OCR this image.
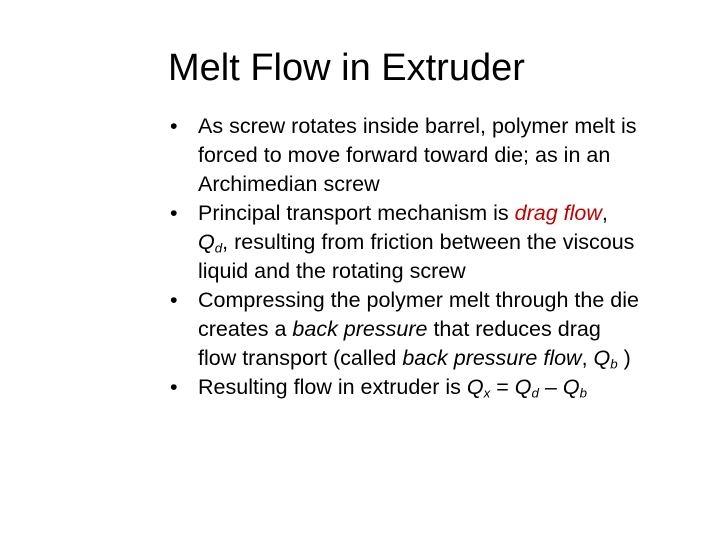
Melt Flow in Extruder
• As screw rotates inside barrel, polymer melt is forced to move forward toward die; as in an Archimedian screw
• Principal transport mechanism is drag flow, $Q_d$, resulting from friction between the viscous liquid and the rotating screw
• Compressing the polymer melt through the die creates a back pressure that reduces drag flow transport (called back pressure flow, $Q_b$ )
• Resulting flow in extruder is $Q_x = Q_d - Q_b$
